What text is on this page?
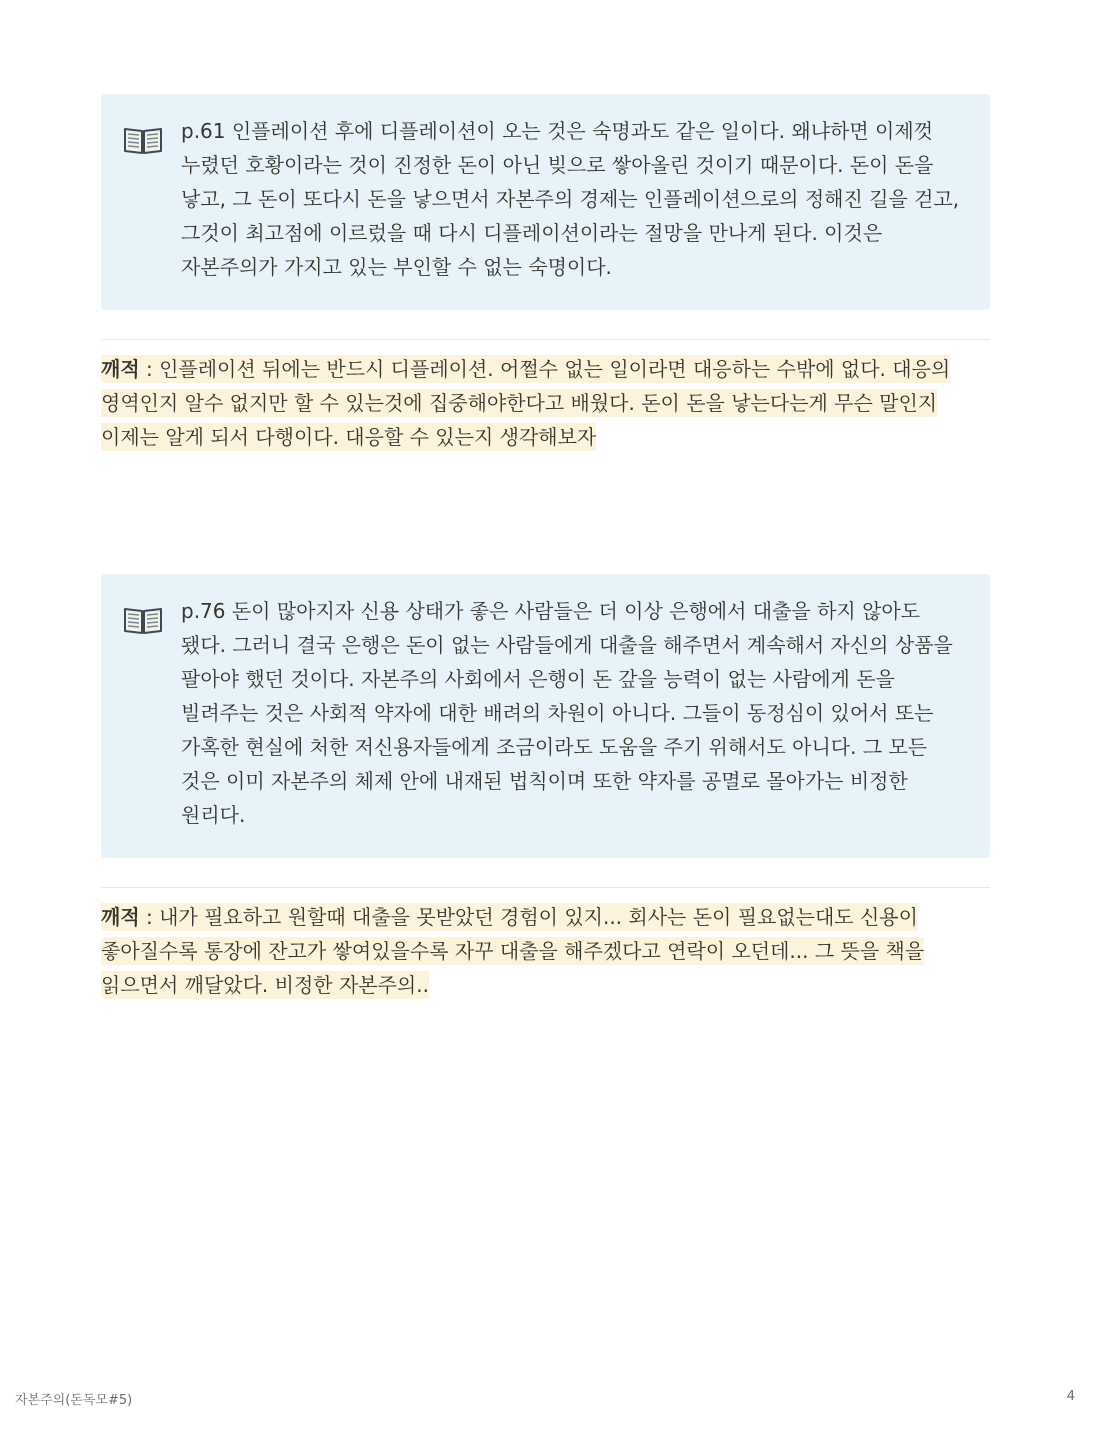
p.61 인플레이션 후에 디플레이션이 오는 것은 숙명과도 같은 일이다. 왜냐하면 이제껏 누렸던 호황이라는 것이 진정한 돈이 아닌 빚으로 쌓아올린 것이기 때문이다. 돈이 돈을 낳고, 그 돈이 또다시 돈을 낳으면서 자본주의 경제는 인플레이션으로의 정해진 길을 걷고, 그것이 최고점에 이르렀을 때 다시 디플레이션이라는 절망을 만나게 된다. 이것은 자본주의가 가지고 있는 부인할 수 없는 숙명이다.
깨적 : 인플레이션 뒤에는 반드시 디플레이션. 어쩔수 없는 일이라면 대응하는 수밖에 없다. 대응의 영역인지 알수 없지만 할 수 있는것에 집중해야한다고 배웠다. 돈이 돈을 낳는다는게 무슨 말인지 이제는 알게 되서 다행이다. 대응할 수 있는지 생각해보자
p.76 돈이 많아지자 신용 상태가 좋은 사람들은 더 이상 은행에서 대출을 하지 않아도 됐다. 그러니 결국 은행은 돈이 없는 사람들에게 대출을 해주면서 계속해서 자신의 상품을 팔아야 했던 것이다. 자본주의 사회에서 은행이 돈 갚을 능력이 없는 사람에게 돈을 빌려주는 것은 사회적 약자에 대한 배려의 차원이 아니다. 그들이 동정심이 있어서 또는 가혹한 현실에 처한 저신용자들에게 조금이라도 도움을 주기 위해서도 아니다. 그 모든 것은 이미 자본주의 체제 안에 내재된 법칙이며 또한 약자를 공멸로 몰아가는 비정한 원리다.
깨적 : 내가 필요하고 원할때 대출을 못받았던 경험이 있지... 회사는 돈이 필요없는대도 신용이 좋아질수록 통장에 잔고가 쌓여있을수록 자꾸 대출을 해주겠다고 연락이 오던데... 그 뜻을 책을 읽으면서 깨달았다. 비정한 자본주의..
자본주의(돈독모#5)	4
